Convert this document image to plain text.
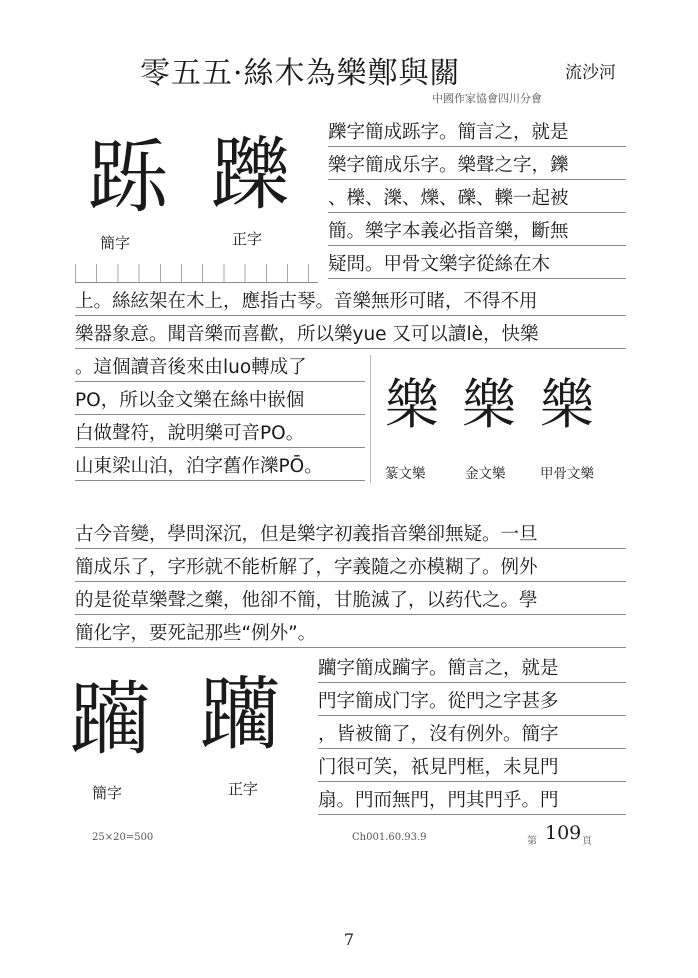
零五五·絲木為樂鄭與關	流沙河
中國作家協會四川分會
跞 躒
簡字	正字
躒字簡成跞字。簡言之，就是
樂字簡成乐字。樂聲之字，鑠
、櫟、濼、爍、礫、轢一起被
簡。樂字本義必指音樂，斷無
疑問。甲骨文樂字從絲在木
上。絲絃架在木上，應指古琴。音樂無形可睹，不得不用
樂器象意。聞音樂而喜歡，所以樂yue 又可以讀lè，快樂
。這個讀音後來由luo轉成了
PO，所以金文樂在絲中嵌個
白做聲符，說明樂可音PO。
山東梁山泊，泊字舊作濼PŌ。
樂 樂 樂
篆文樂	金文樂	甲骨文樂
古今音變，學問深沉，但是樂字初義指音樂卻無疑。一旦
簡成乐了，字形就不能析解了，字義隨之亦模糊了。例外
的是從草樂聲之藥，他卻不簡，甘脆滅了，以药代之。學
簡化字，要死記那些“例外”。
躏 躪
簡字	正字
躪字簡成躏字。簡言之，就是
門字簡成门字。從門之字甚多
，皆被簡了，沒有例外。簡字
门很可笑，祇見門框，未見門
扇。門而無門，門其門乎。門
25×20=500	Ch001.60.93.9	第 109 頁
7
